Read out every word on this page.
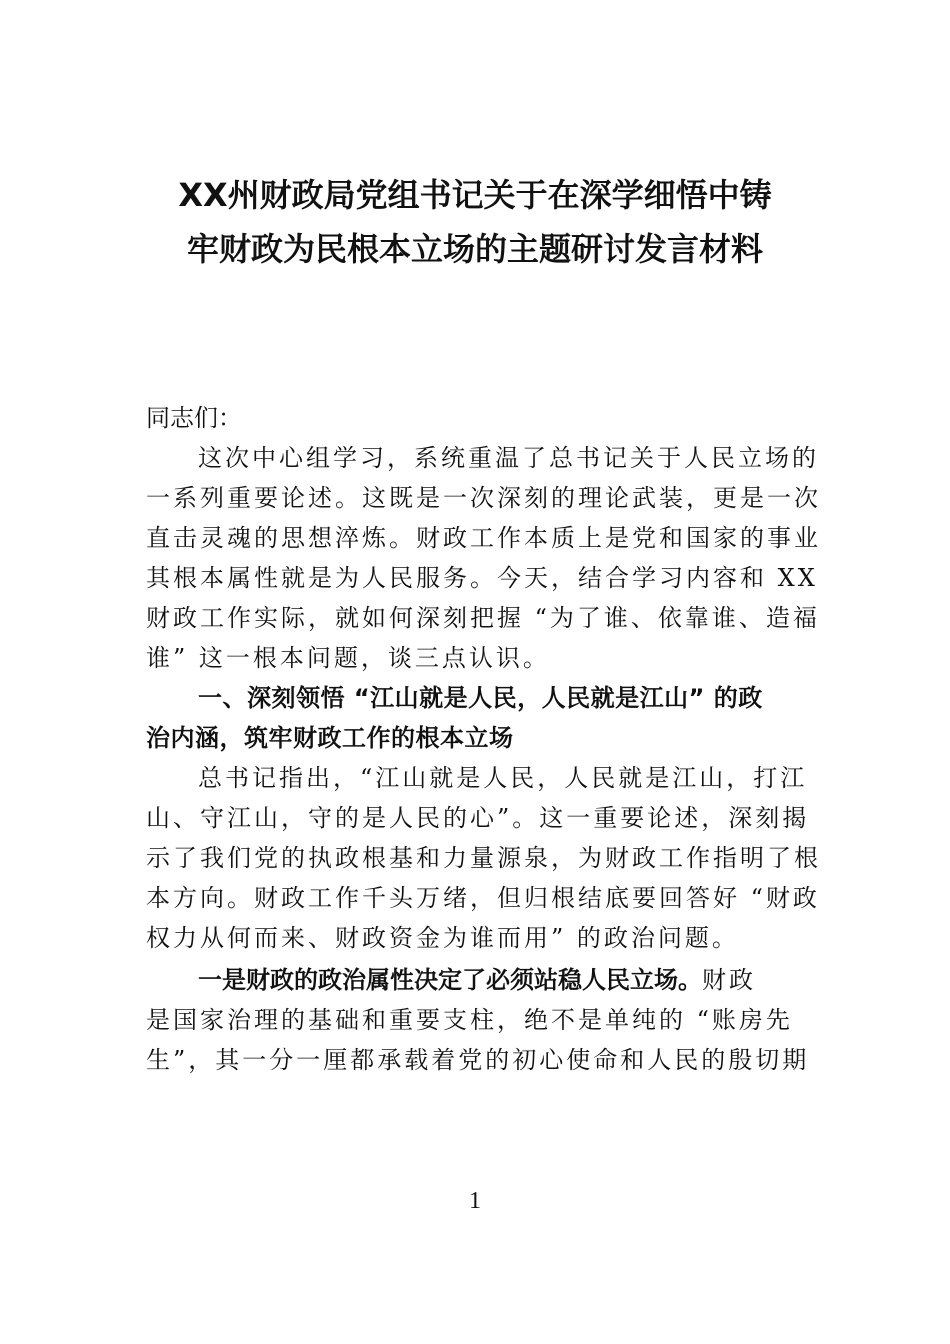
XX州财政局党组书记关于在深学细悟中铸
牢财政为民根本立场的主题研讨发言材料
同志们：
这次中心组学习，系统重温了总书记关于人民立场的
一系列重要论述。这既是一次深刻的理论武装，更是一次
直击灵魂的思想淬炼。财政工作本质上是党和国家的事业
其根本属性就是为人民服务。今天，结合学习内容和 XX
财政工作实际，就如何深刻把握 “为了谁、依靠谁、造福
谁” 这一根本问题，谈三点认识。
一、深刻领悟 “江山就是人民，人民就是江山” 的政
治内涵，筑牢财政工作的根本立场
总书记指出，“江山就是人民，人民就是江山，打江
山、守江山，守的是人民的心”。这一重要论述，深刻揭
示了我们党的执政根基和力量源泉，为财政工作指明了根
本方向。财政工作千头万绪，但归根结底要回答好 “财政
权力从何而来、财政资金为谁而用” 的政治问题。
一是财政的政治属性决定了必须站稳人民立场。财政
是国家治理的基础和重要支柱，绝不是单纯的 “账房先
生”，其一分一厘都承载着党的初心使命和人民的殷切期
1
